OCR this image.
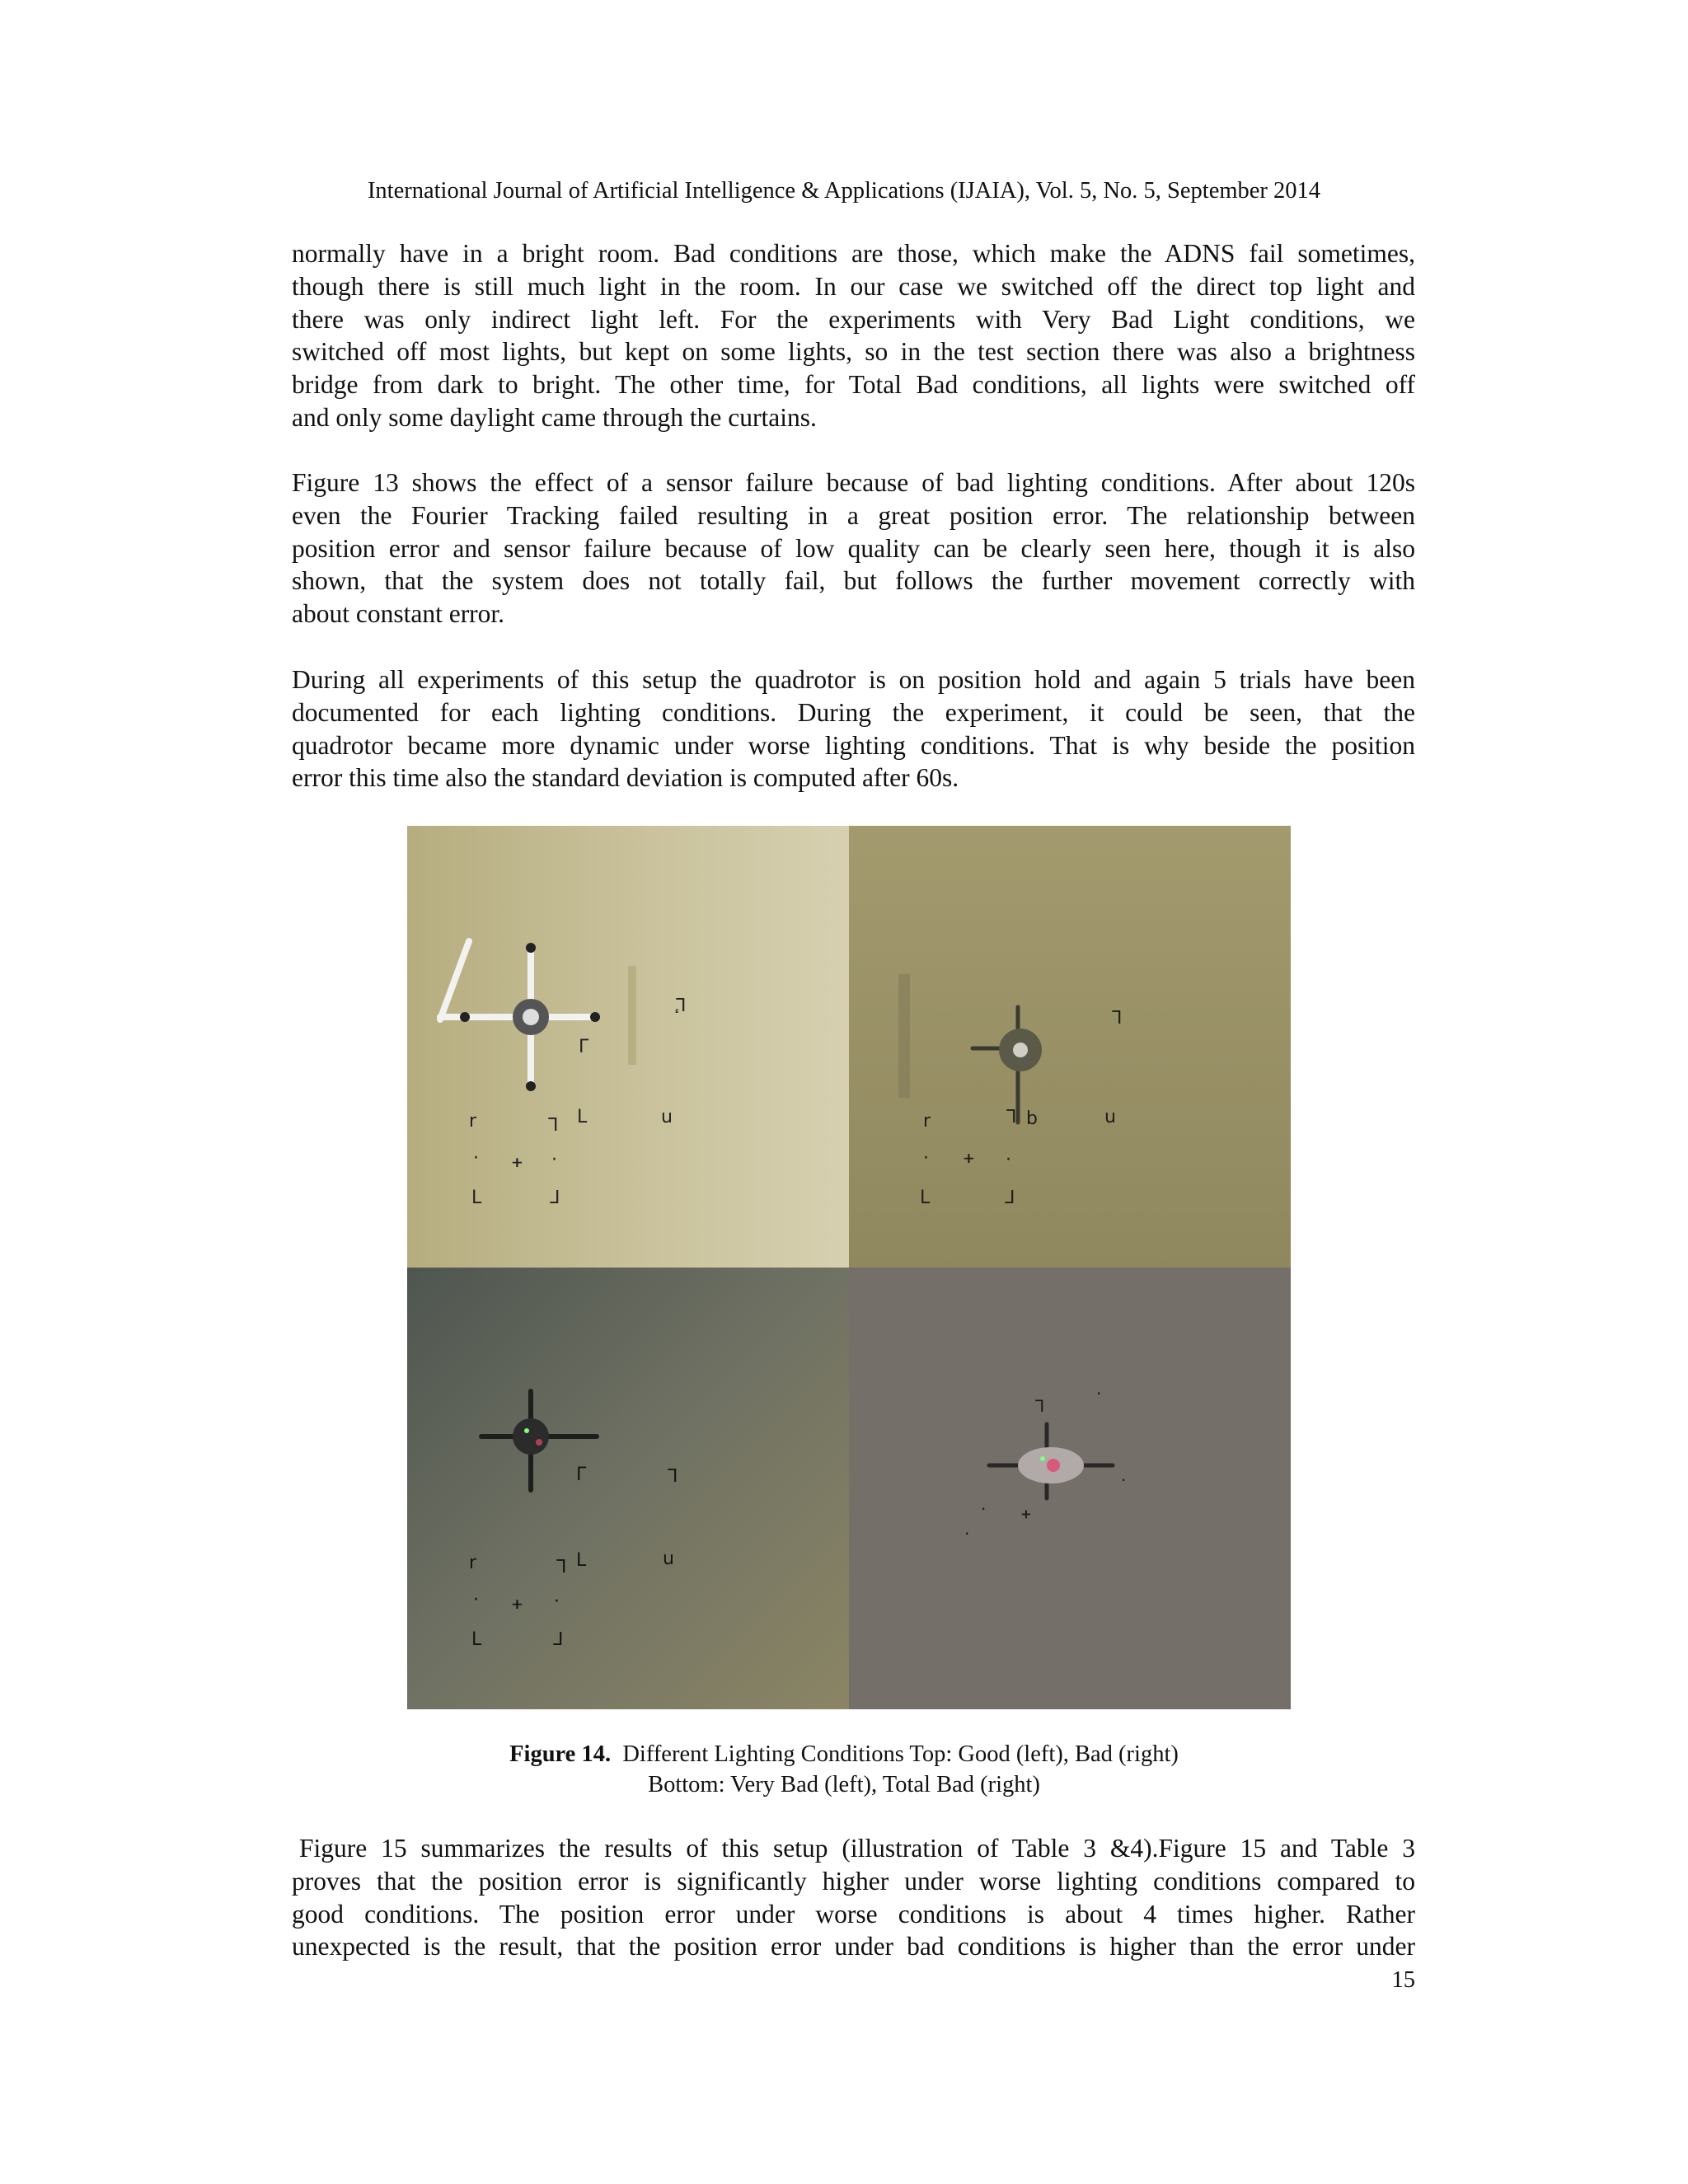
International Journal of Artificial Intelligence & Applications (IJAIA), Vol. 5, No. 5, September 2014

normally have in a bright room. Bad conditions are those, which make the ADNS fail sometimes,
though there is still much light in the room. In our case we switched off the direct top light and
there was only indirect light left. For the experiments with Very Bad Light conditions, we
switched off most lights, but kept on some lights, so in the test section there was also a brightness
bridge from dark to bright. The other time, for Total Bad conditions, all lights were switched off
and only some daylight came through the curtains.

Figure 13 shows the effect of a sensor failure because of bad lighting conditions. After about 120s
even the Fourier Tracking failed resulting in a great position error. The relationship between
position error and sensor failure because of low quality can be clearly seen here, though it is also
shown, that the system does not totally fail, but follows the further movement correctly with
about constant error.

During all experiments of this setup the quadrotor is on position hold and again 5 trials have been
documented for each lighting conditions. During the experiment, it could be seen, that the
quadrotor became more dynamic under worse lighting conditions. That is why beside the position
error this time also the standard deviation is computed after 60s.

Γ
ᒣ
L	u
r	ᒣ
· ᚐ ·
L	ᒧ
ᒣ
ᒣ b	u
r
· ᚐ ·
L	ᒧ
ᒣ
Γ
L	u
r	ᒣ
· ᚐ ·
L	ᒧ
·
ᒣ
·
· ᚐ
·
Figure 14. Different Lighting Conditions Top: Good (left), Bad (right)
Bottom: Very Bad (left), Total Bad (right)

Figure 15 summarizes the results of this setup (illustration of Table 3 &4).Figure 15 and Table 3
proves that the position error is significantly higher under worse lighting conditions compared to
good conditions. The position error under worse conditions is about 4 times higher. Rather
unexpected is the result, that the position error under bad conditions is higher than the error under

15
